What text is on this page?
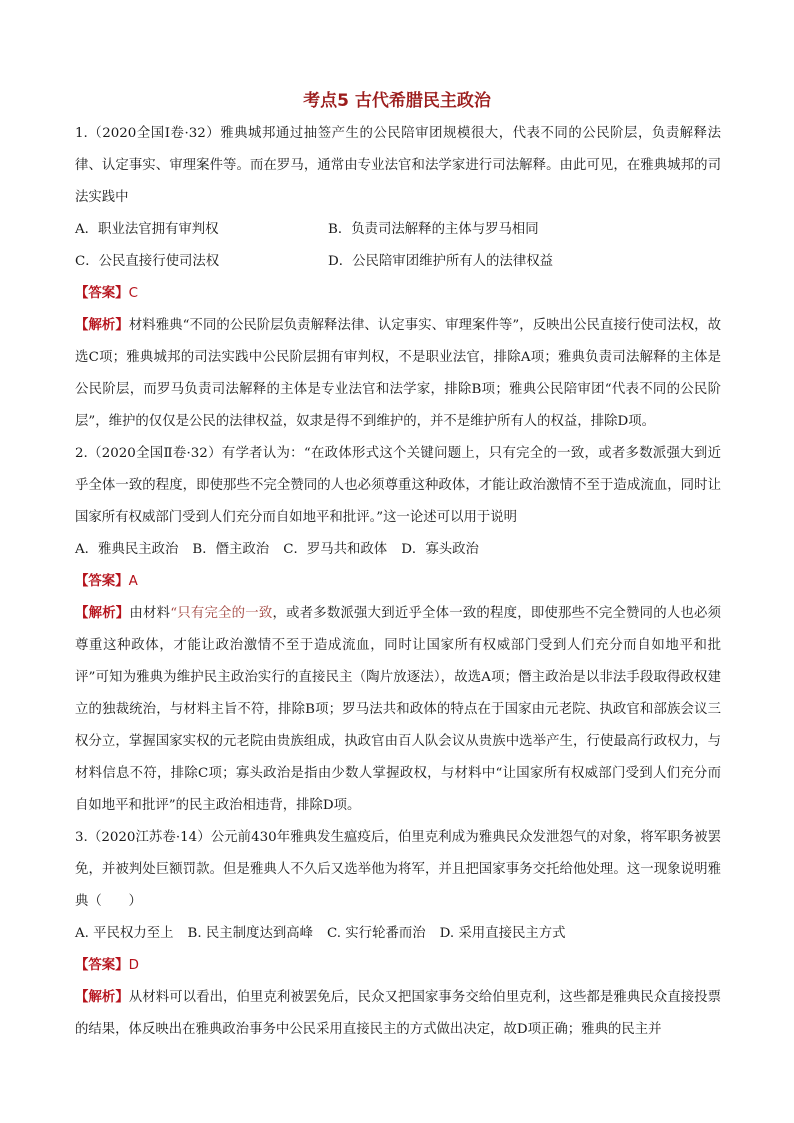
考点5 古代希腊民主政治

1.（2020全国Ⅰ卷·32）雅典城邦通过抽签产生的公民陪审团规模很大，代表不同的公民阶层，负责解释法律、认定事实、审理案件等。而在罗马，通常由专业法官和法学家进行司法解释。由此可见，在雅典城邦的司法实践中

A．职业法官拥有审判权	B．负责司法解释的主体与罗马相同
C．公民直接行使司法权	D．公民陪审团维护所有人的法律权益
【答案】C

【解析】材料雅典“不同的公民阶层负责解释法律、认定事实、审理案件等”，反映出公民直接行使司法权，故选C项；雅典城邦的司法实践中公民阶层拥有审判权，不是职业法官，排除A项；雅典负责司法解释的主体是公民阶层，而罗马负责司法解释的主体是专业法官和法学家，排除B项；雅典公民陪审团“代表不同的公民阶层”，维护的仅仅是公民的法律权益，奴隶是得不到维护的，并不是维护所有人的权益，排除D项。

2.（2020全国Ⅱ卷·32）有学者认为：“在政体形式这个关键问题上，只有完全的一致，或者多数派强大到近乎全体一致的程度，即使那些不完全赞同的人也必须尊重这种政体，才能让政治激情不至于造成流血，同时让国家所有权威部门受到人们充分而自如地平和批评。”这一论述可以用于说明

A．雅典民主政治 B．僭主政治 C．罗马共和政体 D．寡头政治
【答案】A

【解析】由材料“只有完全的一致，或者多数派强大到近乎全体一致的程度，即使那些不完全赞同的人也必须尊重这种政体，才能让政治激情不至于造成流血，同时让国家所有权威部门受到人们充分而自如地平和批评”可知为雅典为维护民主政治实行的直接民主（陶片放逐法），故选A项；僭主政治是以非法手段取得政权建立的独裁统治，与材料主旨不符，排除B项；罗马法共和政体的特点在于国家由元老院、执政官和部族会议三权分立，掌握国家实权的元老院由贵族组成，执政官由百人队会议从贵族中选举产生，行使最高行政权力，与材料信息不符，排除C项；寡头政治是指由少数人掌握政权，与材料中“让国家所有权威部门受到人们充分而自如地平和批评”的民主政治相违背，排除D项。

3.（2020江苏卷·14）公元前430年雅典发生瘟疫后，伯里克利成为雅典民众发泄怨气的对象，将军职务被罢免，并被判处巨额罚款。但是雅典人不久后又选举他为将军，并且把国家事务交托给他处理。这一现象说明雅典（　　）

A. 平民权力至上 B. 民主制度达到高峰 C. 实行轮番而治 D. 采用直接民主方式
【答案】D

【解析】从材料可以看出，伯里克利被罢免后，民众又把国家事务交给伯里克利，这些都是雅典民众直接投票的结果，体反映出在雅典政治事务中公民采用直接民主的方式做出决定，故D项正确；雅典的民主并
